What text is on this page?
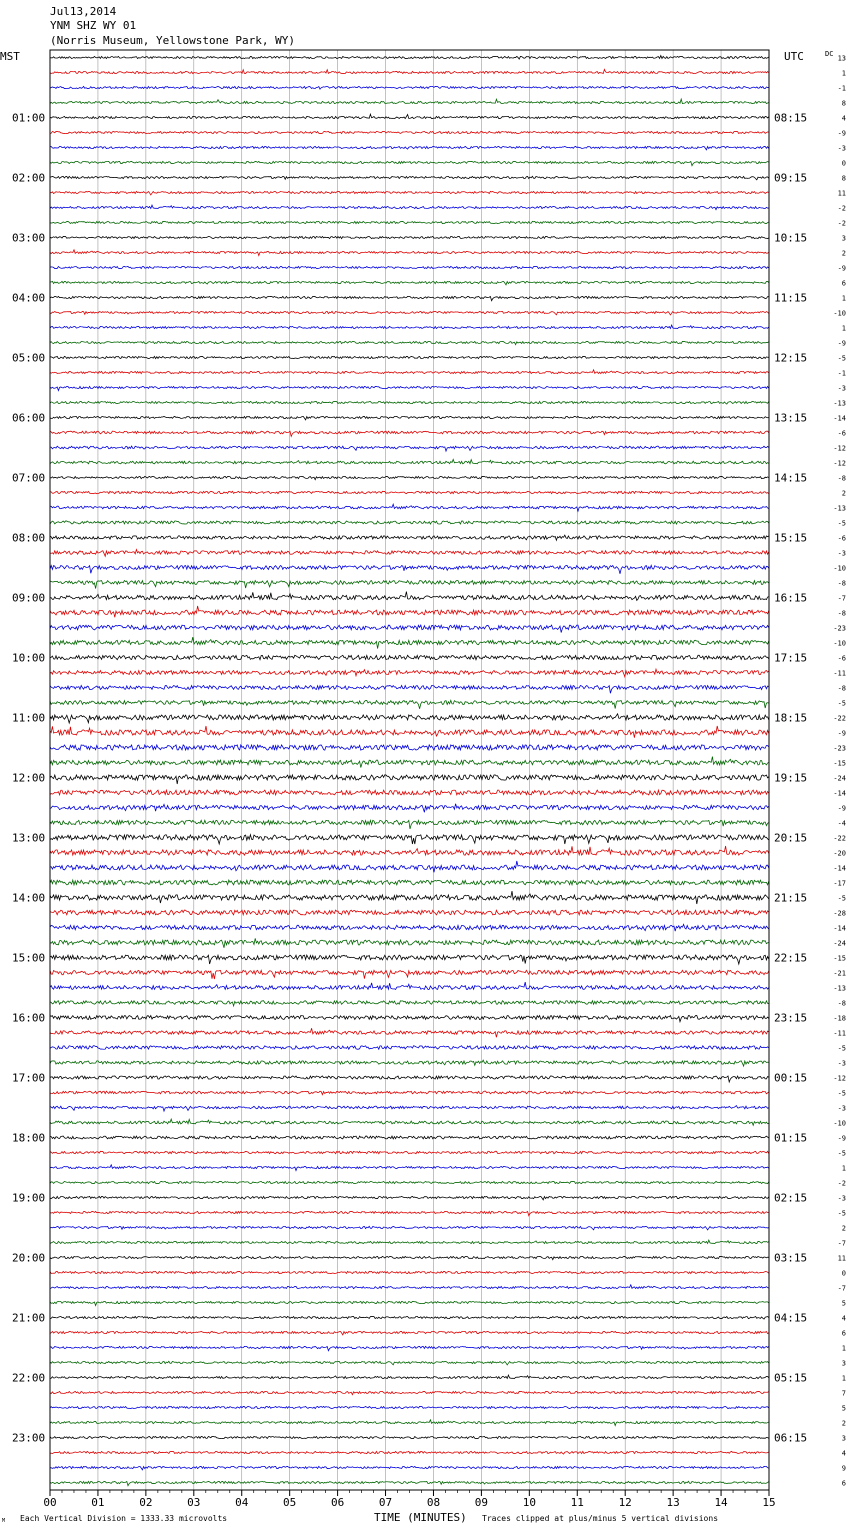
Jul13,2014
YNM SHZ WY 01
(Norris Museum, Yellowstone Park, WY)
01:00
02:00
03:00
04:00
05:00
06:00
07:00
08:00
09:00
10:00
11:00
12:00
13:00
14:00
15:00
16:00
17:00
18:00
19:00
20:00
21:00
22:00
23:00
08:15
09:15
10:15
11:15
12:15
13:15
14:15
15:15
16:15
17:15
18:15
19:15
20:15
21:15
22:15
23:15
00:15
01:15
02:15
03:15
04:15
05:15
06:15
13
1
-1
8
4
-9
-3
0
8
11
-2
-2
3
2
-9
6
1
-10
1
-9
-5
-1
-3
-13
-14
-6
-12
-12
-8
2
-13
-5
-6
-3
-10
-8
-7
-8
-23
-10
-6
-11
-8
-5
-22
-9
-23
-15
-24
-14
-9
-4
-22
-20
-14
-17
-5
-28
-14
-24
-15
-21
-13
-8
-18
-11
-5
-3
-12
-5
-3
-10
-9
-5
1
-2
-3
-5
2
-7
11
0
-7
5
4
6
1
3
1
7
5
2
3
4
9
6
00	01	02	03	04	05	06	07	08	09	10	11	12	13	14	15
MST	UTC	DC
Each Vertical Division = 1333.33 microvolts	TIME (MINUTES) Traces clipped at plus/minus 5 vertical divisions
M
